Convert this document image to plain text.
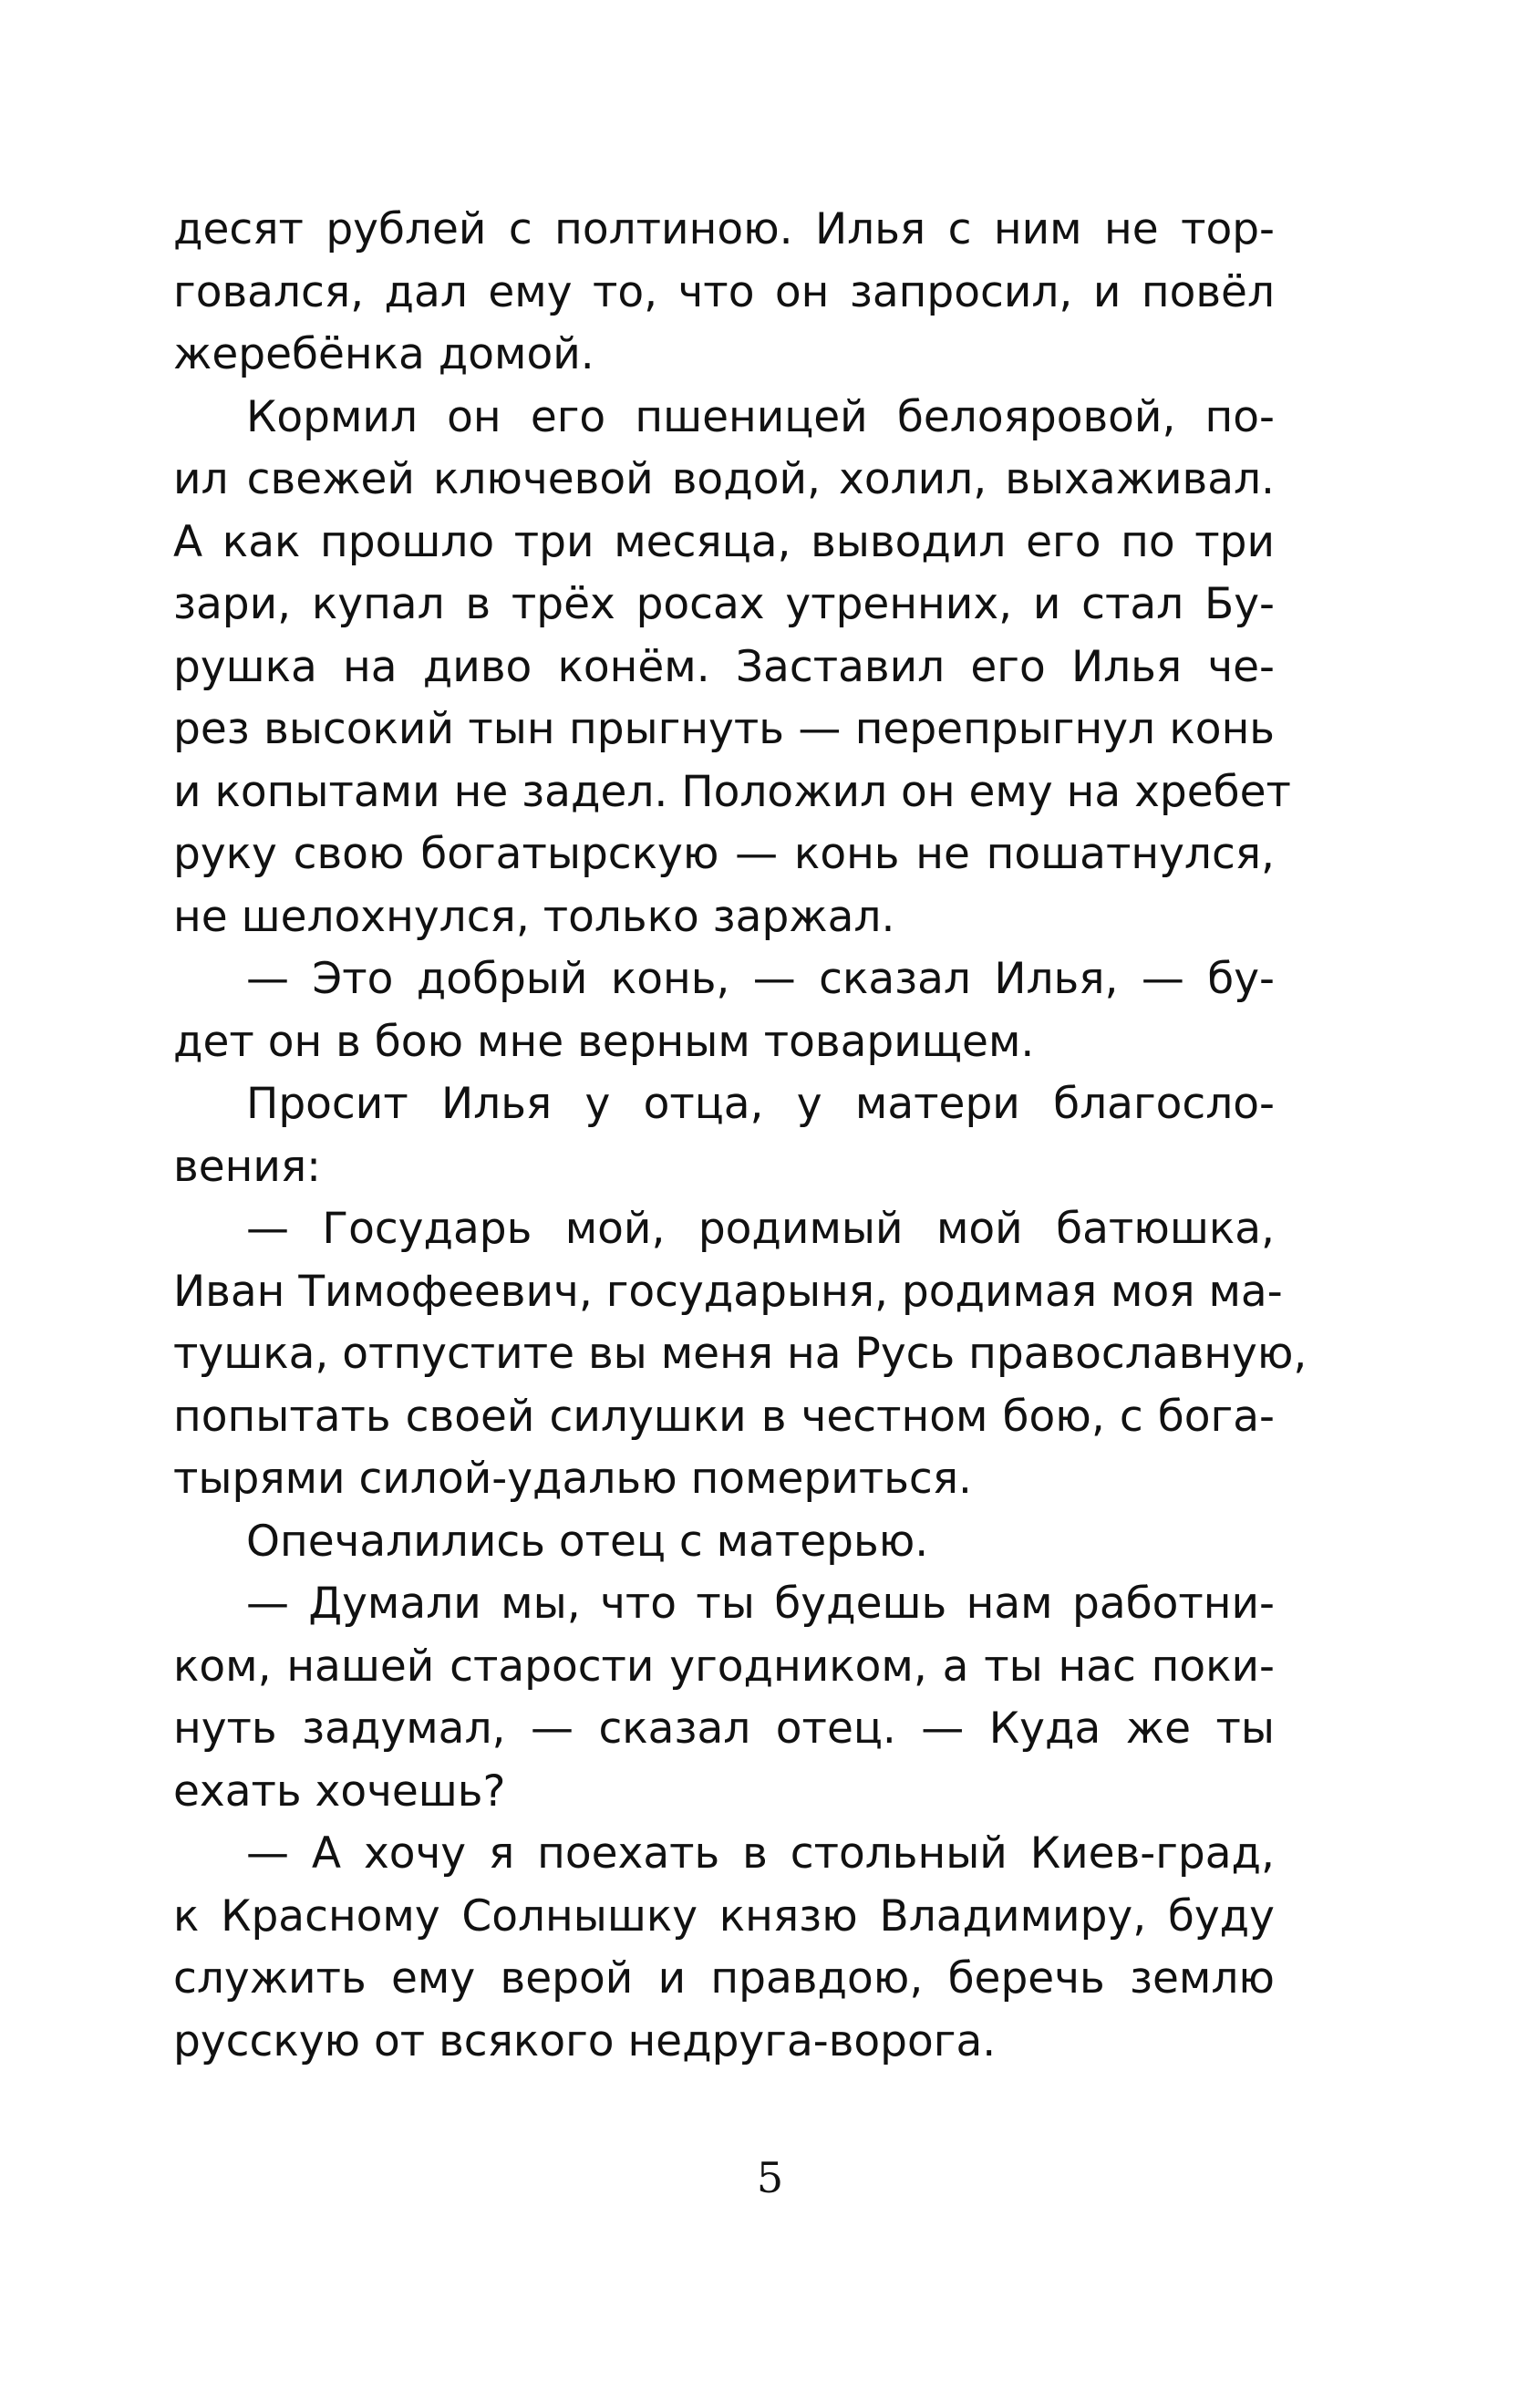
десят рублей с полтиною. Илья с ним не тор-
говался, дал ему то, что он запросил, и повёл
жеребёнка домой.
Кормил он его пшеницей белояровой, по-
ил свежей ключевой водой, холил, выхаживал.
А как прошло три месяца, выводил его по три
зари, купал в трёх росах утренних, и стал Бу-
рушка на диво конём. Заставил его Илья че-
рез высокий тын прыгнуть — перепрыгнул конь
и копытами не задел. Положил он ему на хребет
руку свою богатырскую — конь не пошатнулся,
не шелохнулся, только заржал.
— Это добрый конь, — сказал Илья, — бу-
дет он в бою мне верным товарищем.
Просит Илья у отца, у матери благосло-
вения:
— Государь мой, родимый мой батюшка,
Иван Тимофеевич, государыня, родимая моя ма-
тушка, отпустите вы меня на Русь православную,
попытать своей силушки в честном бою, с бога-
тырями силой-удалью помериться.
Опечалились отец с матерью.
— Думали мы, что ты будешь нам работни-
ком, нашей старости угодником, а ты нас поки-
нуть задумал, — сказал отец. — Куда же ты
ехать хочешь?
— А хочу я поехать в стольный Киев-град,
к Красному Солнышку князю Владимиру, буду
служить ему верой и правдою, беречь землю
русскую от всякого недруга-ворога.
5
